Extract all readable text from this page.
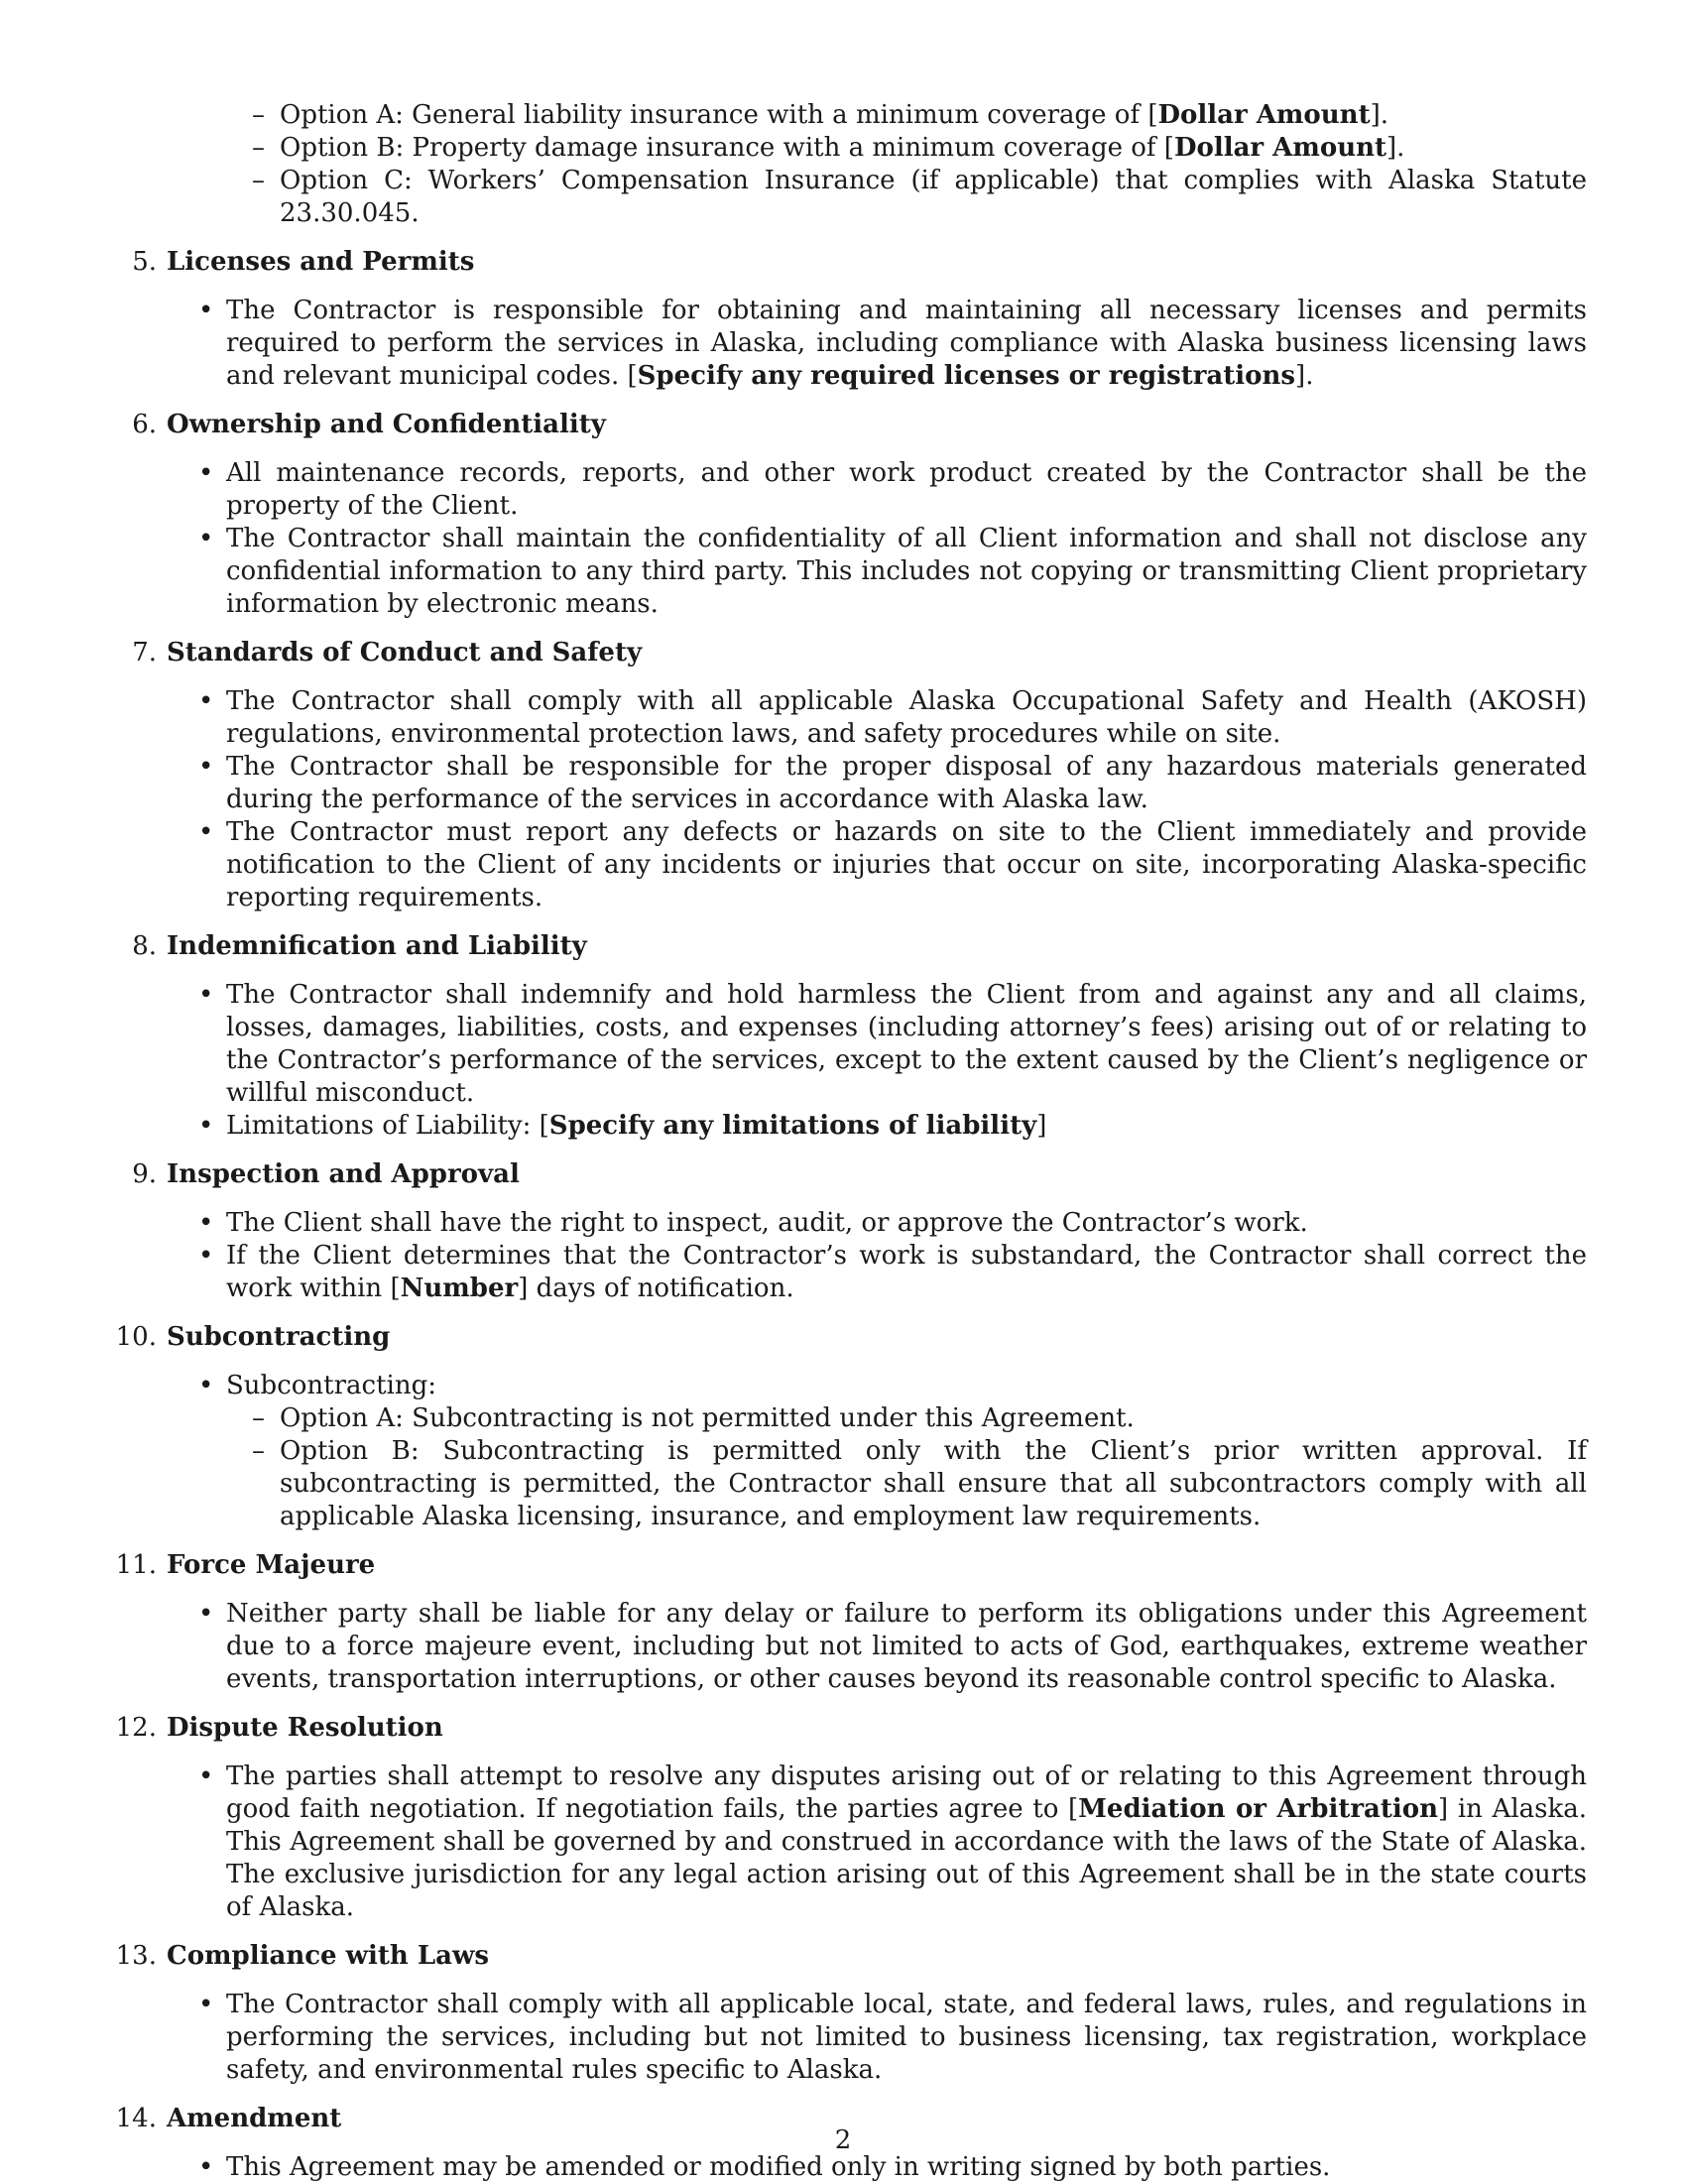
– Option A: General liability insurance with a minimum coverage of [Dollar Amount].
– Option B: Property damage insurance with a minimum coverage of [Dollar Amount].
– Option C: Workers’ Compensation Insurance (if applicable) that complies with Alaska Statute 23.30.045.
5. Licenses and Permits
• The Contractor is responsible for obtaining and maintaining all necessary licenses and permits required to perform the services in Alaska, including compliance with Alaska business licensing laws and relevant municipal codes. [Specify any required licenses or registrations].
6. Ownership and Confidentiality
• All maintenance records, reports, and other work product created by the Contractor shall be the property of the Client.
• The Contractor shall maintain the confidentiality of all Client information and shall not disclose any confidential information to any third party. This includes not copying or transmitting Client proprietary information by electronic means.
7. Standards of Conduct and Safety
• The Contractor shall comply with all applicable Alaska Occupational Safety and Health (AKOSH) regulations, environmental protection laws, and safety procedures while on site.
• The Contractor shall be responsible for the proper disposal of any hazardous materials generated during the performance of the services in accordance with Alaska law.
• The Contractor must report any defects or hazards on site to the Client immediately and provide notification to the Client of any incidents or injuries that occur on site, incorporating Alaska-specific reporting requirements.
8. Indemnification and Liability
• The Contractor shall indemnify and hold harmless the Client from and against any and all claims, losses, damages, liabilities, costs, and expenses (including attorney’s fees) arising out of or relating to the Contractor’s performance of the services, except to the extent caused by the Client’s negligence or willful misconduct.
• Limitations of Liability: [Specify any limitations of liability]
9. Inspection and Approval
• The Client shall have the right to inspect, audit, or approve the Contractor’s work.
• If the Client determines that the Contractor’s work is substandard, the Contractor shall correct the work within [Number] days of notification.
10. Subcontracting
• Subcontracting:
– Option A: Subcontracting is not permitted under this Agreement.
– Option B: Subcontracting is permitted only with the Client’s prior written approval. If subcontracting is permitted, the Contractor shall ensure that all subcontractors comply with all applicable Alaska licensing, insurance, and employment law requirements.
11. Force Majeure
• Neither party shall be liable for any delay or failure to perform its obligations under this Agreement due to a force majeure event, including but not limited to acts of God, earthquakes, extreme weather events, transportation interruptions, or other causes beyond its reasonable control specific to Alaska.
12. Dispute Resolution
• The parties shall attempt to resolve any disputes arising out of or relating to this Agreement through good faith negotiation. If negotiation fails, the parties agree to [Mediation or Arbitration] in Alaska. This Agreement shall be governed by and construed in accordance with the laws of the State of Alaska. The exclusive jurisdiction for any legal action arising out of this Agreement shall be in the state courts of Alaska.
13. Compliance with Laws
• The Contractor shall comply with all applicable local, state, and federal laws, rules, and regulations in performing the services, including but not limited to business licensing, tax registration, workplace safety, and environmental rules specific to Alaska.
14. Amendment
• This Agreement may be amended or modified only in writing signed by both parties.
2
